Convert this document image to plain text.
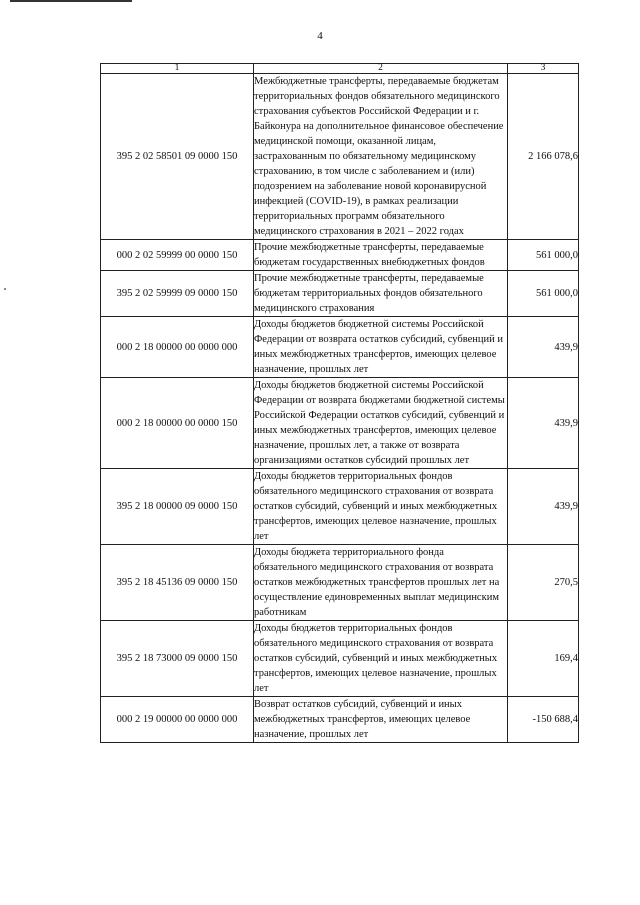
4
1	2	3
395 2 02 58501 09 0000 150	Межбюджетные трансферты, передаваемые бюджетам территориальных фондов обязательного медицинского страхования субъектов Российской Федерации и г. Байконура на дополнительное финансовое обеспечение медицинской помощи, оказанной лицам, застрахованным по обязательному медицинскому страхованию, в том числе с заболеванием и (или) подозрением на заболевание новой коронавирусной инфекцией (COVID-19), в рамках реализации территориальных программ обязательного медицинского страхования в 2021 – 2022 годах	2 166 078,6
000 2 02 59999 00 0000 150	Прочие межбюджетные трансферты, передаваемые бюджетам государственных внебюджетных фондов	561 000,0
395 2 02 59999 09 0000 150	Прочие межбюджетные трансферты, передаваемые бюджетам территориальных фондов обязательного медицинского страхования	561 000,0
000 2 18 00000 00 0000 000	Доходы бюджетов бюджетной системы Российской Федерации от возврата остатков субсидий, субвенций и иных межбюджетных трансфертов, имеющих целевое назначение, прошлых лет	439,9
000 2 18 00000 00 0000 150	Доходы бюджетов бюджетной системы Российской Федерации от возврата бюджетами бюджетной системы Российской Федерации остатков субсидий, субвенций и иных межбюджетных трансфертов, имеющих целевое назначение, прошлых лет, а также от возврата организациями остатков субсидий прошлых лет	439,9
395 2 18 00000 09 0000 150	Доходы бюджетов территориальных фондов обязательного медицинского страхования от возврата остатков субсидий, субвенций и иных межбюджетных трансфертов, имеющих целевое назначение, прошлых лет	439,9
395 2 18 45136 09 0000 150	Доходы бюджета территориального фонда обязательного медицинского страхования от возврата остатков межбюджетных трансфертов прошлых лет на осуществление единовременных выплат медицинским работникам	270,5
395 2 18 73000 09 0000 150	Доходы бюджетов территориальных фондов обязательного медицинского страхования от возврата остатков субсидий, субвенций и иных межбюджетных трансфертов, имеющих целевое назначение, прошлых лет	169,4
000 2 19 00000 00 0000 000	Возврат остатков субсидий, субвенций и иных межбюджетных трансфертов, имеющих целевое назначение, прошлых лет	-150 688,4
